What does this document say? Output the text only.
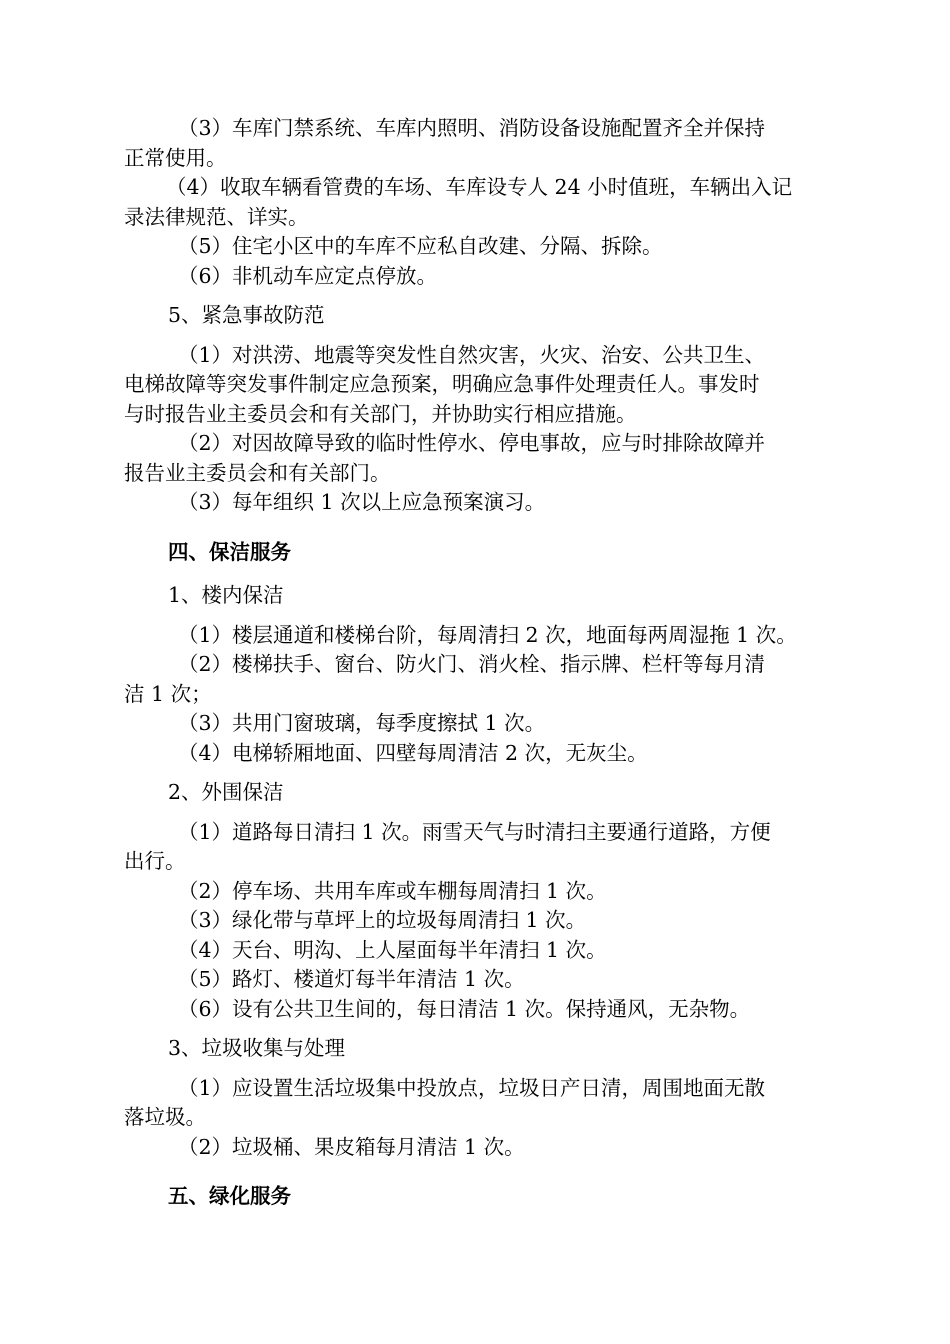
（3）车库门禁系统、车库内照明、消防设备设施配置齐全并保持

正常使用。

（4）收取车辆看管费的车场、车库设专人 24 小时值班，车辆出入记

录法律规范、详实。

（5）住宅小区中的车库不应私自改建、分隔、拆除。

（6）非机动车应定点停放。

5、紧急事故防范

（1）对洪涝、地震等突发性自然灾害，火灾、治安、公共卫生、

电梯故障等突发事件制定应急预案，明确应急事件处理责任人。事发时

与时报告业主委员会和有关部门，并协助实行相应措施。

（2）对因故障导致的临时性停水、停电事故，应与时排除故障并

报告业主委员会和有关部门。

（3）每年组织 1 次以上应急预案演习。

四、保洁服务

1、楼内保洁

（1）楼层通道和楼梯台阶，每周清扫 2 次，地面每两周湿拖 1 次。

（2）楼梯扶手、窗台、防火门、消火栓、指示牌、栏杆等每月清

洁 1 次；

（3）共用门窗玻璃，每季度擦拭 1 次。

（4）电梯轿厢地面、四壁每周清洁 2 次，无灰尘。

2、外围保洁

（1）道路每日清扫 1 次。雨雪天气与时清扫主要通行道路，方便

出行。

（2）停车场、共用车库或车棚每周清扫 1 次。

（3）绿化带与草坪上的垃圾每周清扫 1 次。

（4）天台、明沟、上人屋面每半年清扫 1 次。

（5）路灯、楼道灯每半年清洁 1 次。

（6）设有公共卫生间的，每日清洁 1 次。保持通风，无杂物。

3、垃圾收集与处理

（1）应设置生活垃圾集中投放点，垃圾日产日清，周围地面无散

落垃圾。

（2）垃圾桶、果皮箱每月清洁 1 次。

五、绿化服务
